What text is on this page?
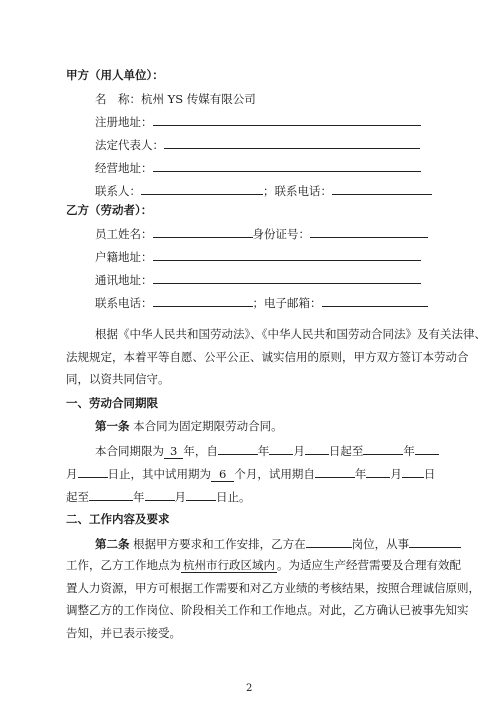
甲方（用人单位）：
名　称：杭州 YS 传媒有限公司
注册地址：
法定代表人：
经营地址：
联系人：	；联系电话：
乙方（劳动者）：
员工姓名：	身份证号：
户籍地址：
通讯地址：
联系电话：	；电子邮箱：
根据《中华人民共和国劳动法》、《中华人民共和国劳动合同法》及有关法律、
法规规定，本着平等自愿、公平公正、诚实信用的原则，甲方双方签订本劳动合
同，以资共同信守。
一、劳动合同期限
第一条 本合同为固定期限劳动合同。
本合同期限为 3 年，自	年 月 日起至	年
月	日止，其中试用期为 6 个月，试用期自	年 月 日
起至	年	月	日止。
二、工作内容及要求
第二条 根据甲方要求和工作安排，乙方在	岗位，从事
工作，乙方工作地点为 杭州市行政区域内 。为适应生产经营需要及合理有效配
置人力资源，甲方可根据工作需要和对乙方业绩的考核结果，按照合理诚信原则，
调整乙方的工作岗位、阶段相关工作和工作地点。对此，乙方确认已被事先知实
告知，并已表示接受。
2
